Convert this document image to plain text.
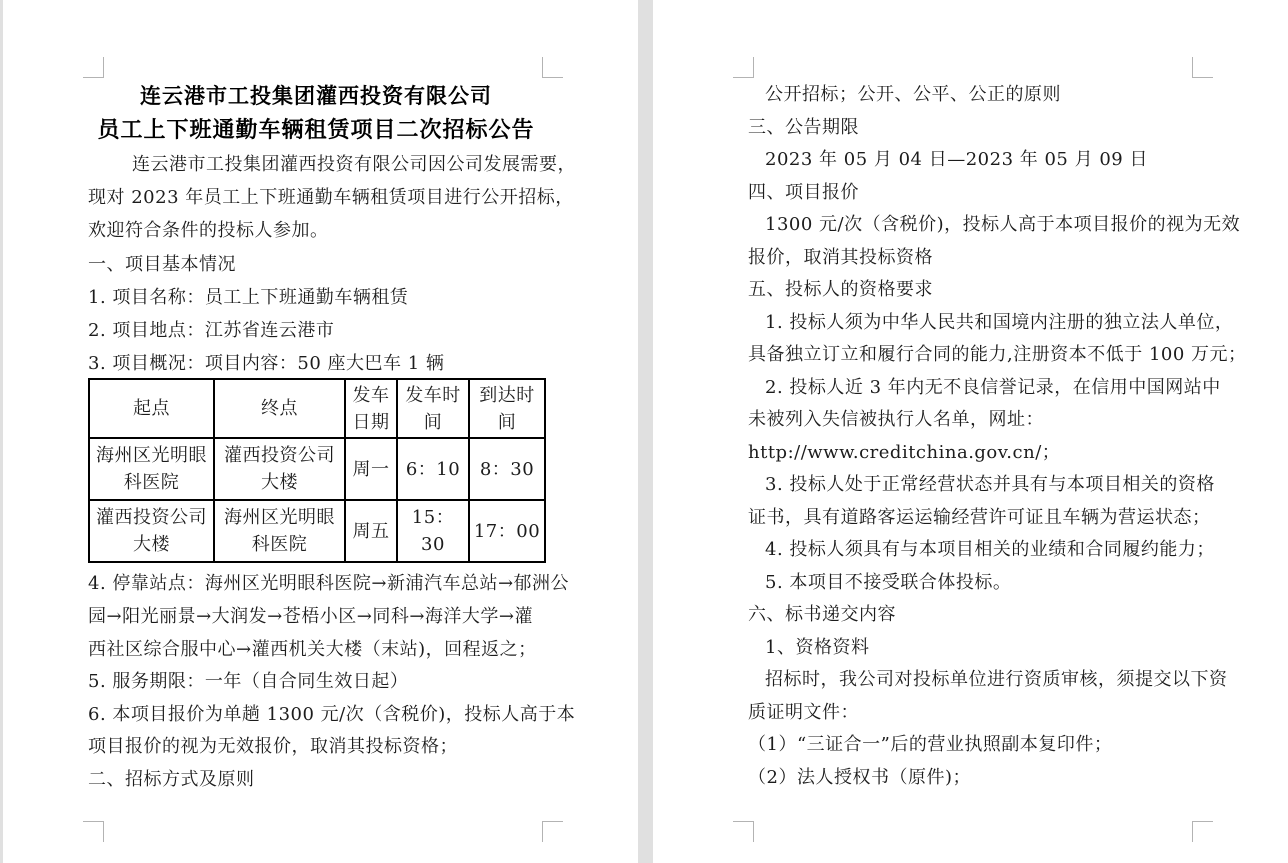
连云港市工投集团灌西投资有限公司
员工上下班通勤车辆租赁项目二次招标公告
连云港市工投集团灌西投资有限公司因公司发展需要，
现对 2023 年员工上下班通勤车辆租赁项目进行公开招标，
欢迎符合条件的投标人参加。
一、项目基本情况
1. 项目名称：员工上下班通勤车辆租赁
2. 项目地点：江苏省连云港市
3. 项目概况：项目内容：50 座大巴车 1 辆
起点	终点	发车日期	发车时间	到达时间
海州区光明眼科医院	灌西投资公司大楼	周一	6：10	8：30
灌西投资公司大楼	海州区光明眼科医院	周五	15：30	17：00
4. 停靠站点：海州区光明眼科医院→新浦汽车总站→郁洲公
园→阳光丽景→大润发→苍梧小区→同科→海洋大学→灌
西社区综合服中心→灌西机关大楼（末站)，回程返之；
5. 服务期限：一年（自合同生效日起）
6. 本项目报价为单趟 1300 元/次（含税价)，投标人高于本
项目报价的视为无效报价，取消其投标资格；
二、招标方式及原则
公开招标；公开、公平、公正的原则
三、公告期限
2023 年 05 月 04 日—2023 年 05 月 09 日
四、项目报价
1300 元/次（含税价)，投标人高于本项目报价的视为无效
报价，取消其投标资格
五、投标人的资格要求
1. 投标人须为中华人民共和国境内注册的独立法人单位，
具备独立订立和履行合同的能力,注册资本不低于 100 万元；
2. 投标人近 3 年内无不良信誉记录，在信用中国网站中
未被列入失信被执行人名单，网址：
http://www.creditchina.gov.cn/；
3. 投标人处于正常经营状态并具有与本项目相关的资格
证书，具有道路客运运输经营许可证且车辆为营运状态；
4. 投标人须具有与本项目相关的业绩和合同履约能力；
5. 本项目不接受联合体投标。
六、标书递交内容
1、资格资料
招标时，我公司对投标单位进行资质审核，须提交以下资
质证明文件：
（1）“三证合一”后的营业执照副本复印件；
（2）法人授权书（原件)；
